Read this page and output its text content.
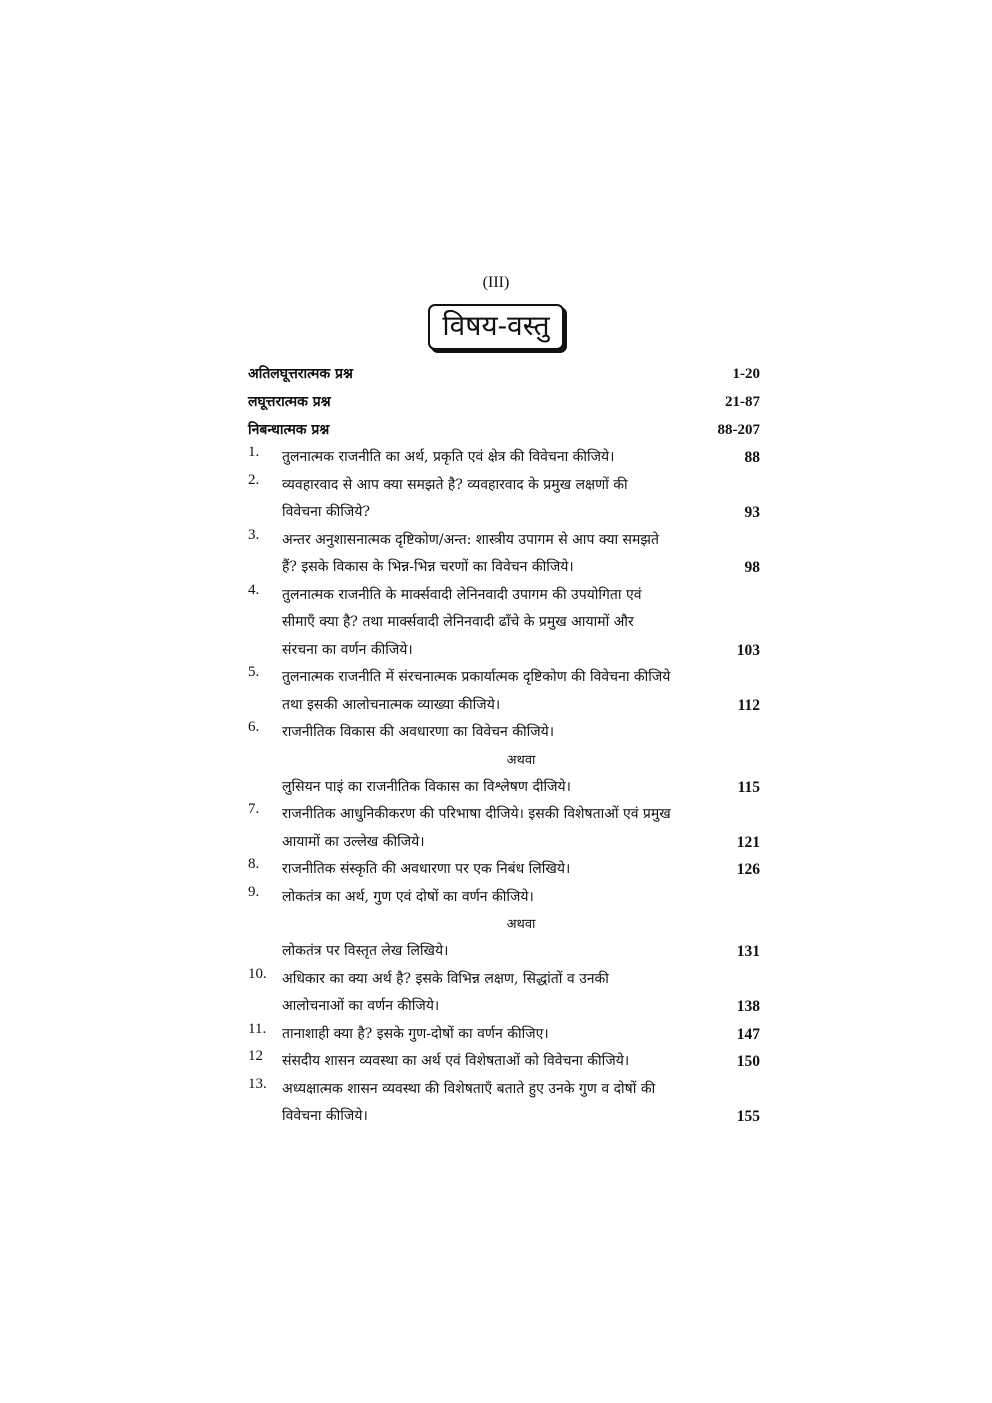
(III)
विषय-वस्तु
अतिलघूत्तरात्मक प्रश्न	1-20
लघूत्तरात्मक प्रश्न	21-87
निबन्धात्मक प्रश्न	88-207
1.	तुलनात्मक राजनीति का अर्थ, प्रकृति एवं क्षेत्र की विवेचना कीजिये।	88
2.	व्यवहारवाद से आप क्या समझते है? व्यवहारवाद के प्रमुख लक्षणों की
विवेचना कीजिये?	93
3.	अन्तर अनुशासनात्मक दृष्टिकोण/अन्त: शास्त्रीय उपागम से आप क्या समझते
हैं? इसके विकास के भिन्न-भिन्न चरणों का विवेचन कीजिये।	98
4.	तुलनात्मक राजनीति के मार्क्सवादी लेनिनवादी उपागम की उपयोगिता एवं
सीमाएँ क्या है? तथा मार्क्सवादी लेनिनवादी ढाँचे के प्रमुख आयामों और
संरचना का वर्णन कीजिये।	103
5.	तुलनात्मक राजनीति में संरचनात्मक प्रकार्यात्मक दृष्टिकोण की विवेचना कीजिये
तथा इसकी आलोचनात्मक व्याख्या कीजिये।	112
6.	राजनीतिक विकास की अवधारणा का विवेचन कीजिये।
अथवा
लुसियन पाइं का राजनीतिक विकास का विश्लेषण दीजिये।	115
7.	राजनीतिक आधुनिकीकरण की परिभाषा दीजिये। इसकी विशेषताओं एवं प्रमुख
आयामों का उल्लेख कीजिये।	121
8.	राजनीतिक संस्कृति की अवधारणा पर एक निबंध लिखिये।	126
9.	लोकतंत्र का अर्थ, गुण एवं दोषों का वर्णन कीजिये।
अथवा
लोकतंत्र पर विस्तृत लेख लिखिये।	131
10.	अधिकार का क्या अर्थ है? इसके विभिन्न लक्षण, सिद्धांतों व उनकी
आलोचनाओं का वर्णन कीजिये।	138
11.	तानाशाही क्या है? इसके गुण-दोषों का वर्णन कीजिए।	147
12	संसदीय शासन व्यवस्था का अर्थ एवं विशेषताओं को विवेचना कीजिये।	150
13.	अध्यक्षात्मक शासन व्यवस्था की विशेषताएँ बताते हुए उनके गुण व दोषों की
विवेचना कीजिये।	155
